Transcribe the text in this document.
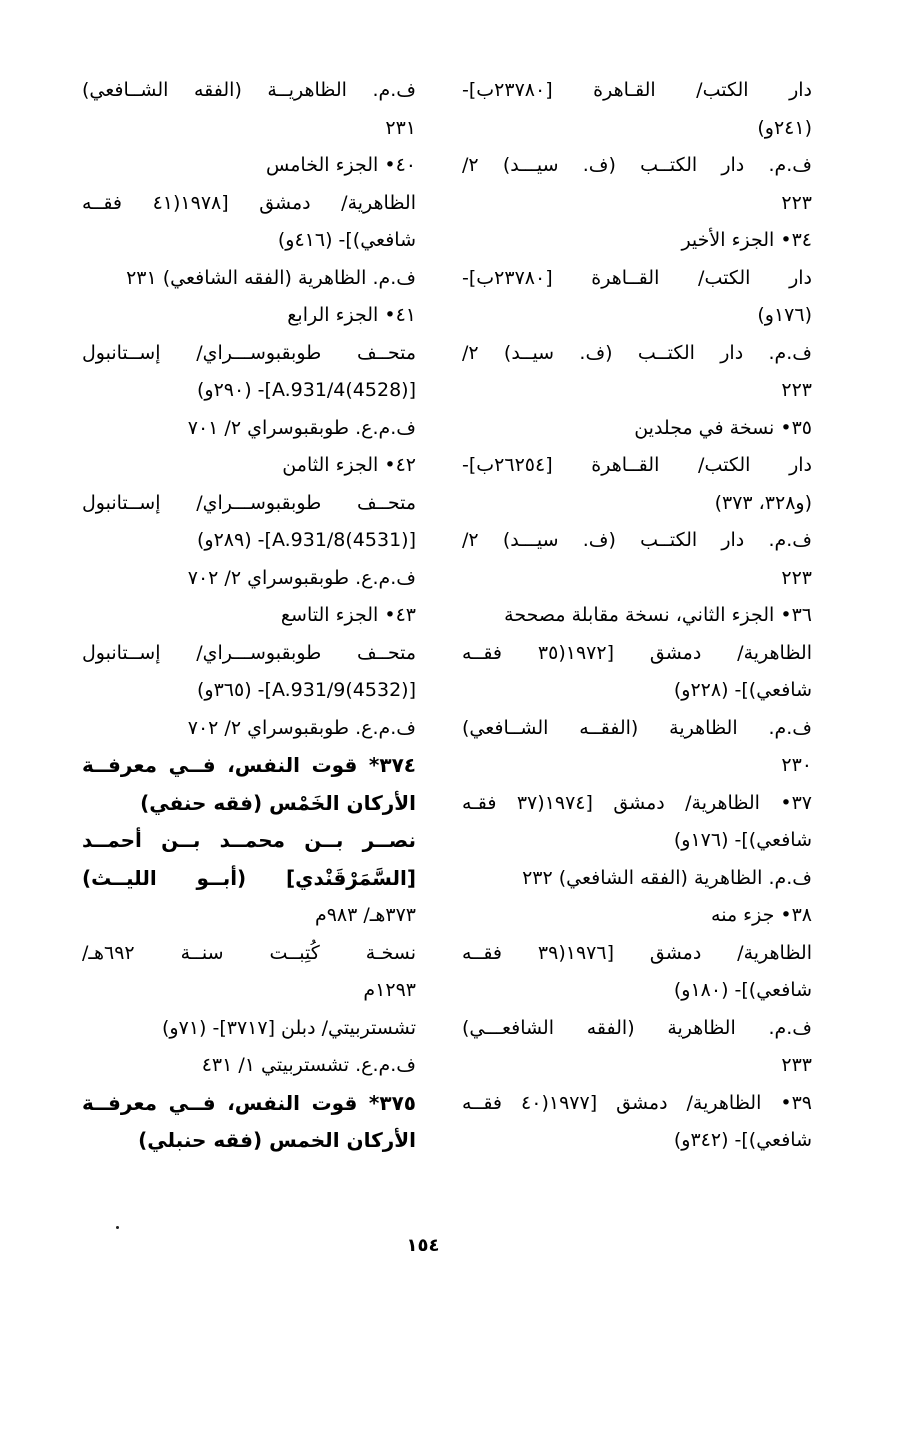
دار الكتب/ القـاهرة [٢٣٧٨٠ب]-
(٢٤١و)
ف.م. دار الكتــب (ف. سيـــد) ٢/
٢٢٣
٣٤• الجزء الأخير
دار الكتب/ القــاهرة [٢٣٧٨٠ب]-
(١٧٦و)
ف.م. دار الكتــب (ف. سيــد) ٢/
٢٢٣
٣٥• نسخة في مجلدين
دار الكتب/ القــاهرة [٢٦٢٥٤ب]-
(و٣٢٨، ٣٧٣)
ف.م. دار الكتــب (ف. سيـــد) ٢/
٢٢٣
٣٦• الجزء الثاني، نسخة مقابلة مصححة
الظاهرية/ دمشق [١٩٧٢(٣٥ فقــه
شافعي)]- (٢٢٨و)
ف.م. الظاهرية (الفقــه الشــافعي)
٢٣٠
٣٧• الظاهرية/ دمشق [١٩٧٤(٣٧ فقـه
شافعي)]- (١٧٦و)
ف.م. الظاهرية (الفقه الشافعي) ٢٣٢
٣٨• جزء منه
الظاهرية/ دمشق [١٩٧٦(٣٩ فقــه
شافعي)]- (١٨٠و)
ف.م. الظاهرية (الفقه الشافعـــي)
٢٣٣
٣٩• الظاهرية/ دمشق [١٩٧٧(٤٠ فقــه
شافعي)]- (٣٤٢و)
ف.م. الظاهريــة (الفقه الشــافعي)
٢٣١
٤٠• الجزء الخامس
الظاهرية/ دمشق [١٩٧٨(٤١ فقــه
شافعي)]- (٤١٦و)
ف.م. الظاهرية (الفقه الشافعي) ٢٣١
٤١• الجزء الرابع
متحــف طوبقبوســـراي/ إســتانبول
[A.931/4(4528)]- (٢٩٠و)
ف.م.ع. طوبقبوسراي ٢/ ٧٠١
٤٢• الجزء الثامن
متحــف طوبقبوســـراي/ إســتانبول
[A.931/8(4531)]- (٢٨٩و)
ف.م.ع. طوبقبوسراي ٢/ ٧٠٢
٤٣• الجزء التاسع
متحــف طوبقبوســـراي/ إســتانبول
[A.931/9(4532)]- (٣٦٥و)
ف.م.ع. طوبقبوسراي ٢/ ٧٠٢
٣٧٤* قوت النفس، فــي معرفــة
الأركان الخَمْس (فقه حنفي)
نصــر بــن محمــد بــن أحمــد
[السَّمَرْقَنْدي] (أبــو الليــث)
٣٧٣هـ/ ٩٨٣م
نسخـة كُتِبــت سنــة ٦٩٢هـ/
١٢٩٣م
تشستربيتي/ دبلن [٣٧١٧]- (٧١و)
ف.م.ع. تشستربيتي ١/ ٤٣١
٣٧٥* قوت النفس، فــي معرفــة
الأركان الخمس (فقه حنبلي)
١٥٤
